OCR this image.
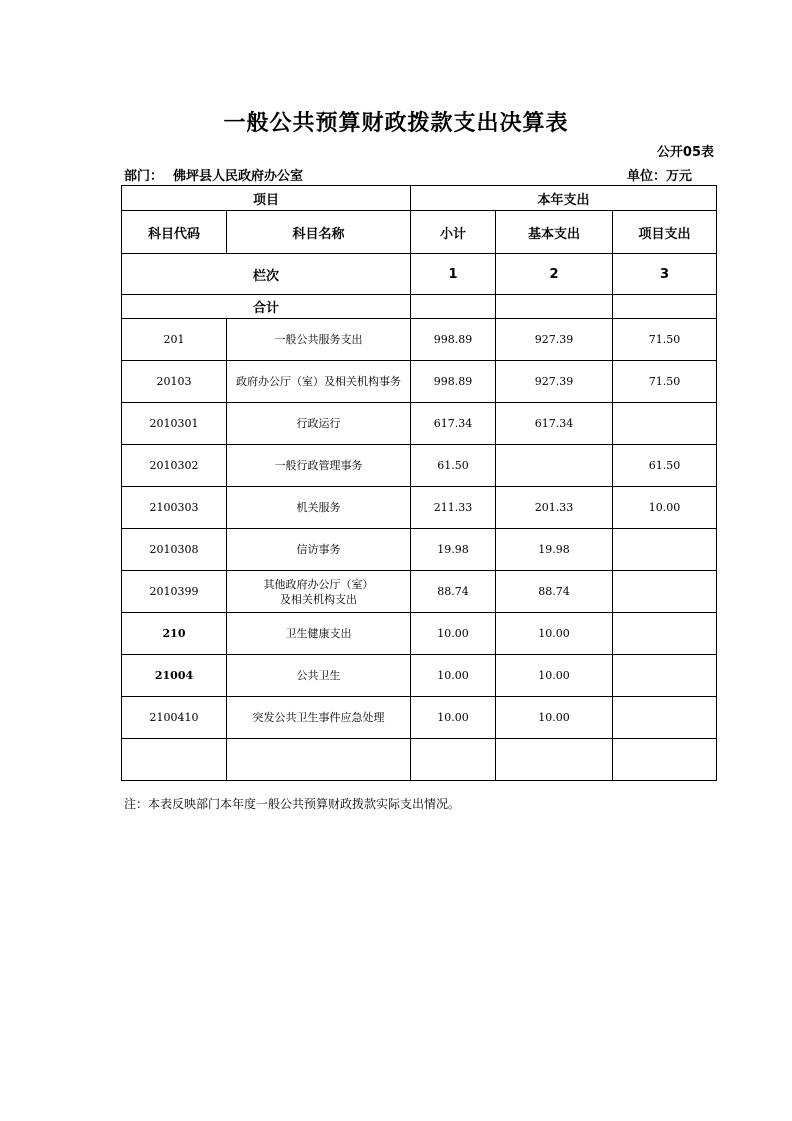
一般公共预算财政拨款支出决算表
公开05表
部门： 佛坪县人民政府办公室	单位：万元
项目		本年支出		
科目代码	科目名称	小计	基本支出	项目支出
栏次		1	2	3
合计				
201	一般公共服务支出	998.89	927.39	71.50
20103	政府办公厅（室）及相关机构事务	998.89	927.39	71.50
2010301	行政运行	617.34	617.34	
2010302	一般行政管理事务	61.50		61.50
2100303	机关服务	211.33	201.33	10.00
2010308	信访事务	19.98	19.98	
2010399	其他政府办公厅（室）
及相关机构支出	88.74	88.74	
210	卫生健康支出	10.00	10.00	
21004	公共卫生	10.00	10.00	
2100410	突发公共卫生事件应急处理	10.00	10.00	

注：本表反映部门本年度一般公共预算财政拨款实际支出情况。
